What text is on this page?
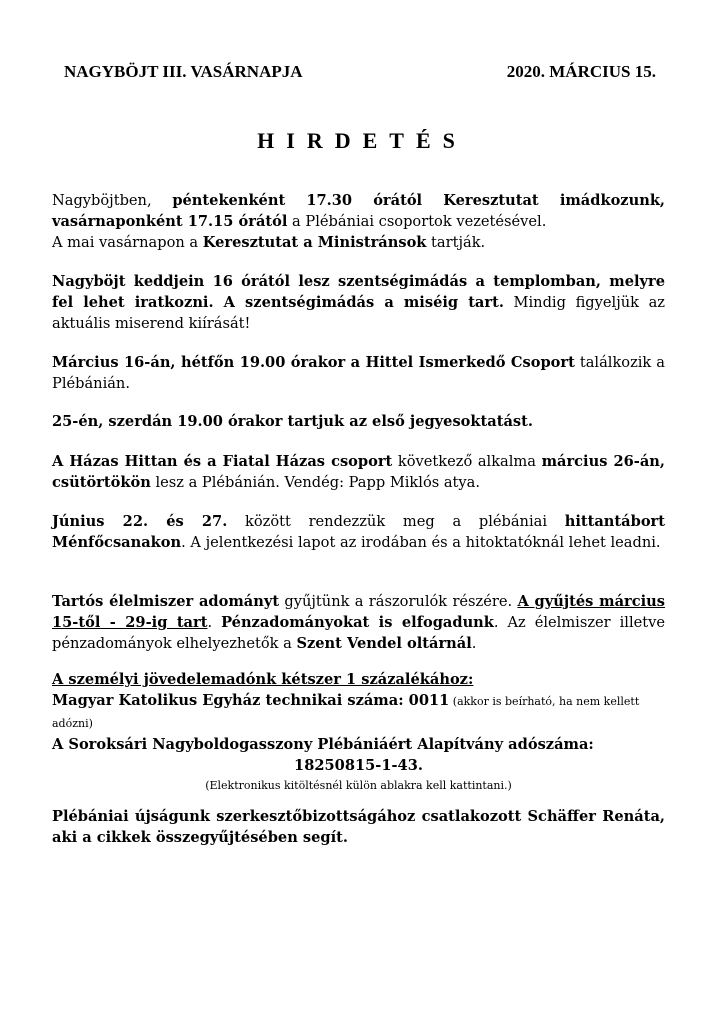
NAGYBÖJT III. VASÁRNAPJA	2020. MÁRCIUS 15.
HIRDETÉS
Nagyböjtben, péntekenként 17.30 órától Keresztutat imádkozunk, vasárnaponként 17.15 órától a Plébániai csoportok vezetésével.
A mai vasárnapon a Keresztutat a Ministránsok tartják.
Nagyböjt keddjein 16 órától lesz szentségimádás a templomban, melyre fel lehet iratkozni. A szentségimádás a miséig tart. Mindig figyeljük az aktuális miserend kiírását!
Március 16-án, hétfőn 19.00 órakor a Hittel Ismerkedő Csoport találkozik a Plébánián.
25-én, szerdán 19.00 órakor tartjuk az első jegyesoktatást.
A Házas Hittan és a Fiatal Házas csoport következő alkalma március 26-án, csütörtökön lesz a Plébánián. Vendég: Papp Miklós atya.
Június 22. és 27. között rendezzük meg a plébániai hittantábort Ménfőcsanakon. A jelentkezési lapot az irodában és a hitoktatóknál lehet leadni.
Tartós élelmiszer adományt gyűjtünk a rászorulók részére. A gyűjtés március 15-től - 29-ig tart. Pénzadományokat is elfogadunk. Az élelmiszer illetve pénzadományok elhelyezhetők a Szent Vendel oltárnál.
A személyi jövedelemadónk kétszer 1 százalékához:
Magyar Katolikus Egyház technikai száma: 0011 (akkor is beírható, ha nem kellett adózni)
A Soroksári Nagyboldogasszony Plébániáért Alapítvány adószáma:

18250815-1-43.
(Elektronikus kitöltésnél külön ablakra kell kattintani.)
Plébániai újságunk szerkesztőbizottságához csatlakozott Schäffer Renáta, aki a cikkek összegyűjtésében segít.
